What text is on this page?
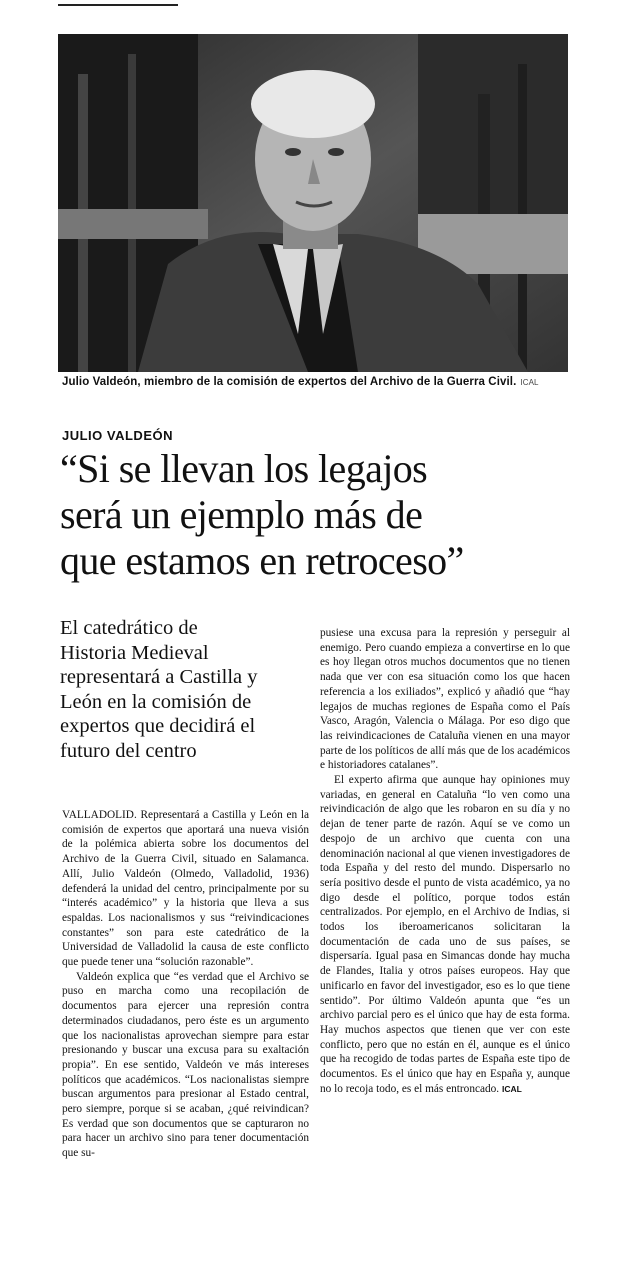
Julio Valdeón, miembro de la comisión de expertos del Archivo de la Guerra Civil. ICAL
JULIO VALDEÓN
“Si se llevan los legajos
será un ejemplo más de
que estamos en retroceso”
El catedrático de
Historia Medieval
representará a Castilla y
León en la comisión de
expertos que decidirá el
futuro del centro

VALLADOLID. Representará a Castilla y León en la comisión de expertos que aportará una nueva visión de la polémica abierta sobre los documentos del Archivo de la Guerra Civil, situado en Salamanca. Allí, Julio Valdeón (Olmedo, Valladolid, 1936) defenderá la unidad del centro, principalmente por su “interés académico” y la historia que lleva a sus espaldas. Los nacionalismos y sus “reivindicaciones constantes” son para este catedrático de la Universidad de Valladolid la causa de este conflicto que puede tener una “solución razonable”.

Valdeón explica que “es verdad que el Archivo se puso en marcha como una recopilación de documentos para ejercer una represión contra determinados ciudadanos, pero éste es un argumento que los nacionalistas aprovechan siempre para estar presionando y buscar una excusa para su exaltación propia”. En ese sentido, Valdeón ve más intereses políticos que académicos. “Los nacionalistas siempre buscan argumentos para presionar al Estado central, pero siempre, porque si se acaban, ¿qué reivindican? Es verdad que son documentos que se capturaron no para hacer un archivo sino para tener documentación que su-

pusiese una excusa para la represión y perseguir al enemigo. Pero cuando empieza a convertirse en lo que es hoy llegan otros muchos documentos que no tienen nada que ver con esa situación como los que hacen referencia a los exiliados”, explicó y añadió que “hay legajos de muchas regiones de España como el País Vasco, Aragón, Valencia o Málaga. Por eso digo que las reivindicaciones de Cataluña vienen en una mayor parte de los políticos de allí más que de los académicos e historiadores catalanes”.

El experto afirma que aunque hay opiniones muy variadas, en general en Cataluña “lo ven como una reivindicación de algo que les robaron en su día y no dejan de tener parte de razón. Aquí se ve como un despojo de un archivo que cuenta con una denominación nacional al que vienen investigadores de toda España y del resto del mundo. Dispersarlo no sería positivo desde el punto de vista académico, ya no digo desde el político, porque todos están centralizados. Por ejemplo, en el Archivo de Indias, si todos los iberoamericanos solicitaran la documentación de cada uno de sus países, se dispersaría. Igual pasa en Simancas donde hay mucha de Flandes, Italia y otros países europeos. Hay que unificarlo en favor del investigador, eso es lo que tiene sentido”. Por último Valdeón apunta que “es un archivo parcial pero es el único que hay de esta forma. Hay muchos aspectos que tienen que ver con este conflicto, pero que no están en él, aunque es el único que ha recogido de todas partes de España este tipo de documentos. Es el único que hay en España y, aunque no lo recoja todo, es el más entroncado. ICAL
